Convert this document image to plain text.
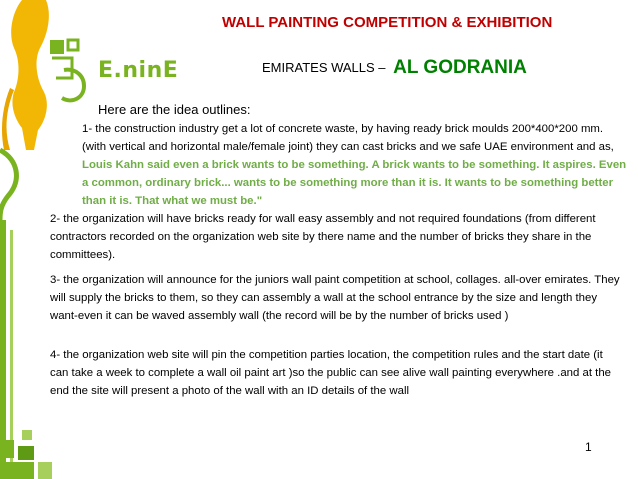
E.ninE
WALL PAINTING COMPETITION & EXHIBITION
EMIRATES WALLS – AL GODRANIA
Here are the idea outlines:
1- the construction industry get a lot of concrete waste, by having ready brick moulds 200*400*200 mm. (with vertical and horizontal male/female joint) they can cast bricks and we safe UAE environment and as, Louis Kahn said even a brick wants to be something. A brick wants to be something. It aspires. Even a common, ordinary brick... wants to be something more than it is. It wants to be something better than it is. That what we must be."
2- the organization will have bricks ready for wall easy assembly and not required foundations (from different contractors recorded on the organization web site by there name and the number of bricks they share in the committees).
3- the organization will announce for the juniors wall paint competition at school, collages. all-over emirates. They will supply the bricks to them, so they can assembly a wall at the school entrance by the size and length they want-even it can be waved assembly wall (the record will be by the number of bricks used )
4- the organization web site will pin the competition parties location, the competition rules and the start date (it can take a week to complete a wall oil paint art )so the public can see alive wall painting everywhere .and at the end the site will present a photo of the wall with an ID details of the wall
1
